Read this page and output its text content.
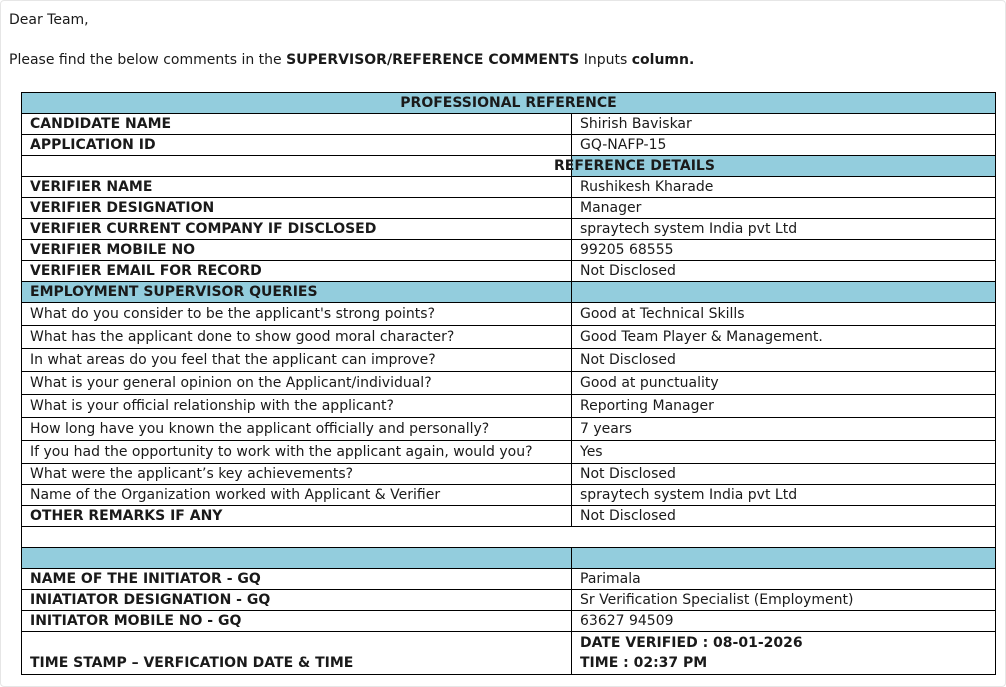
Dear Team,
Please find the below comments in the SUPERVISOR/REFERENCE COMMENTS Inputs column.
PROFESSIONAL REFERENCE	
CANDIDATE NAME	Shirish Baviskar
APPLICATION ID	GQ-NAFP-15

	REFERENCE DETAILS

VERIFIER NAME	Rushikesh Kharade
VERIFIER DESIGNATION	Manager
VERIFIER CURRENT COMPANY IF DISCLOSED	spraytech system India pvt Ltd
VERIFIER MOBILE NO	99205 68555
VERIFIER EMAIL FOR RECORD	Not Disclosed
EMPLOYMENT SUPERVISOR QUERIES	
What do you consider to be the applicant's strong points?	Good at Technical Skills
What has the applicant done to show good moral character?	Good Team Player & Management.
In what areas do you feel that the applicant can improve?	Not Disclosed
What is your general opinion on the Applicant/individual?	Good at punctuality
What is your official relationship with the applicant?	Reporting Manager
How long have you known the applicant officially and personally?	7 years
If you had the opportunity to work with the applicant again, would you?	Yes
What were the applicant’s key achievements?	Not Disclosed
Name of the Organization worked with Applicant & Verifier	spraytech system India pvt Ltd
OTHER REMARKS IF ANY	Not Disclosed

NAME OF THE INITIATOR - GQ	Parimala
INIATIATOR DESIGNATION - GQ	Sr Verification Specialist (Employment)
INITIATOR MOBILE NO - GQ	63627 94509
TIME STAMP – VERFICATION DATE & TIME	DATE VERIFIED : 08-01-2026
TIME : 02:37 PM
